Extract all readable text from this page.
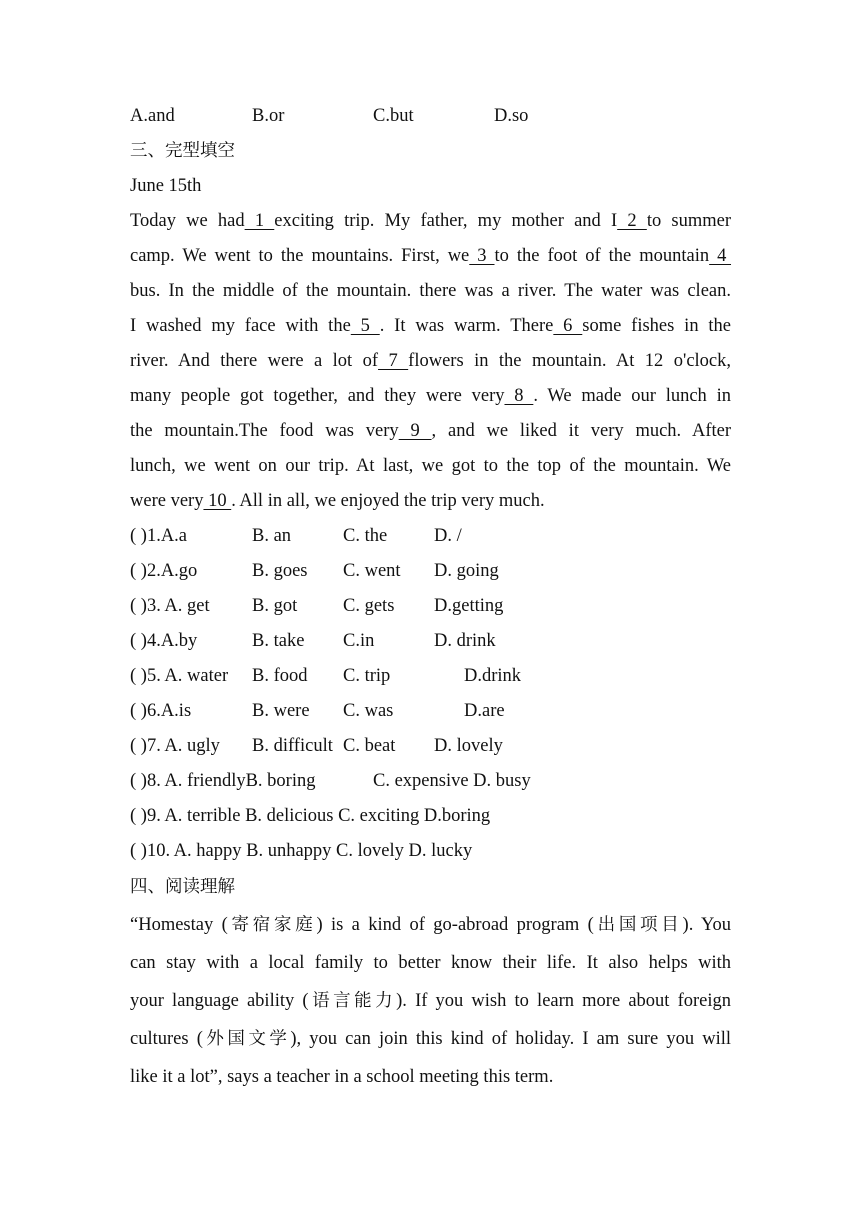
A.and	B.or	C.but	D.so
三、完型填空
June 15th
Today we had 1 exciting trip. My father, my mother and I 2 to summer
camp. We went to the mountains. First, we 3 to the foot of the mountain 4
bus. In the middle of the mountain. there was a river. The water was clean.
I washed my face with the 5 . It was warm. There 6 some fishes in the
river. And there were a lot of 7 flowers in the mountain. At 12 o'clock,
many people got together, and they were very 8 . We made our lunch in
the mountain.The food was very 9 , and we liked it very much. After
lunch, we went on our trip. At last, we got to the top of the mountain. We
were very 10 . All in all, we enjoyed the trip very much.
( )1.A.a	B. an	C. the	D. /
( )2.A.go	B. goes C. went D. going
( )3. A. get B. got C. gets D.getting
( )4.A.by	B. take C.in	D. drink
( )5. A. water B. food C. trip	D.drink
( )6.A.is	B. were C. was	D.are
( )7. A. ugly B. difficult C. beat D. lovely
( )8. A. friendlyB. boring	C. expensive D. busy
( )9. A. terrible B. delicious C. exciting D.boring
( )10. A. happy B. unhappy C. lovely D. lucky
四、阅读理解
“Homestay (寄宿家庭) is a kind of go-abroad program (出国项目). You
can stay with a local family to better know their life. It also helps with
your language ability (语言能力). If you wish to learn more about foreign
cultures (外国文学), you can join this kind of holiday. I am sure you will
like it a lot”, says a teacher in a school meeting this term.
